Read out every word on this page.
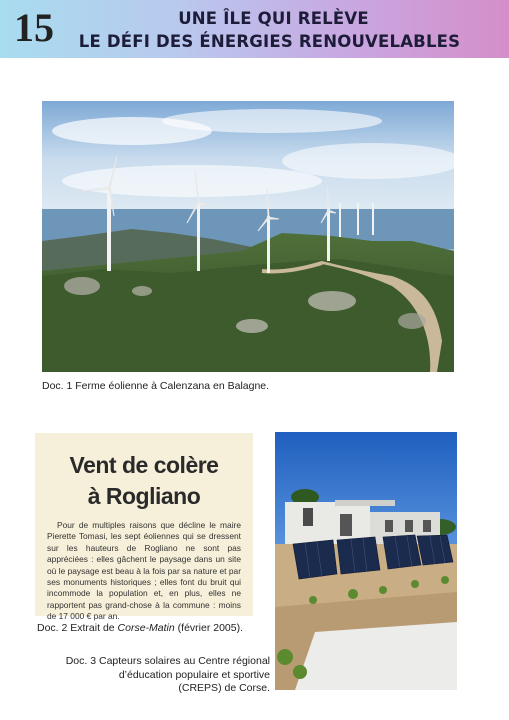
15	UNE ÎLE QUI RELÈVE
LE DÉFI DES ÉNERGIES RENOUVELABLES
Doc. 1 Ferme éolienne à Calenzana en Balagne.
Vent de colère
à Rogliano
Pour de multiples raisons que décline le maire Pierette Tomasi, les sept éoliennes qui se dressent sur les hauteurs de Rogliano ne sont pas appréciées : elles gâchent le paysage dans un site où le paysage est beau à la fois par sa nature et par ses monuments historiques ; elles font du bruit qui incommode la population et, en plus, elles ne rapportent pas grand-chose à la commune : moins de 17 000 € par an.
Doc. 2 Extrait de Corse-Matin (février 2005).
Doc. 3 Capteurs solaires au Centre régional
d’éducation populaire et sportive
(CREPS) de Corse.
